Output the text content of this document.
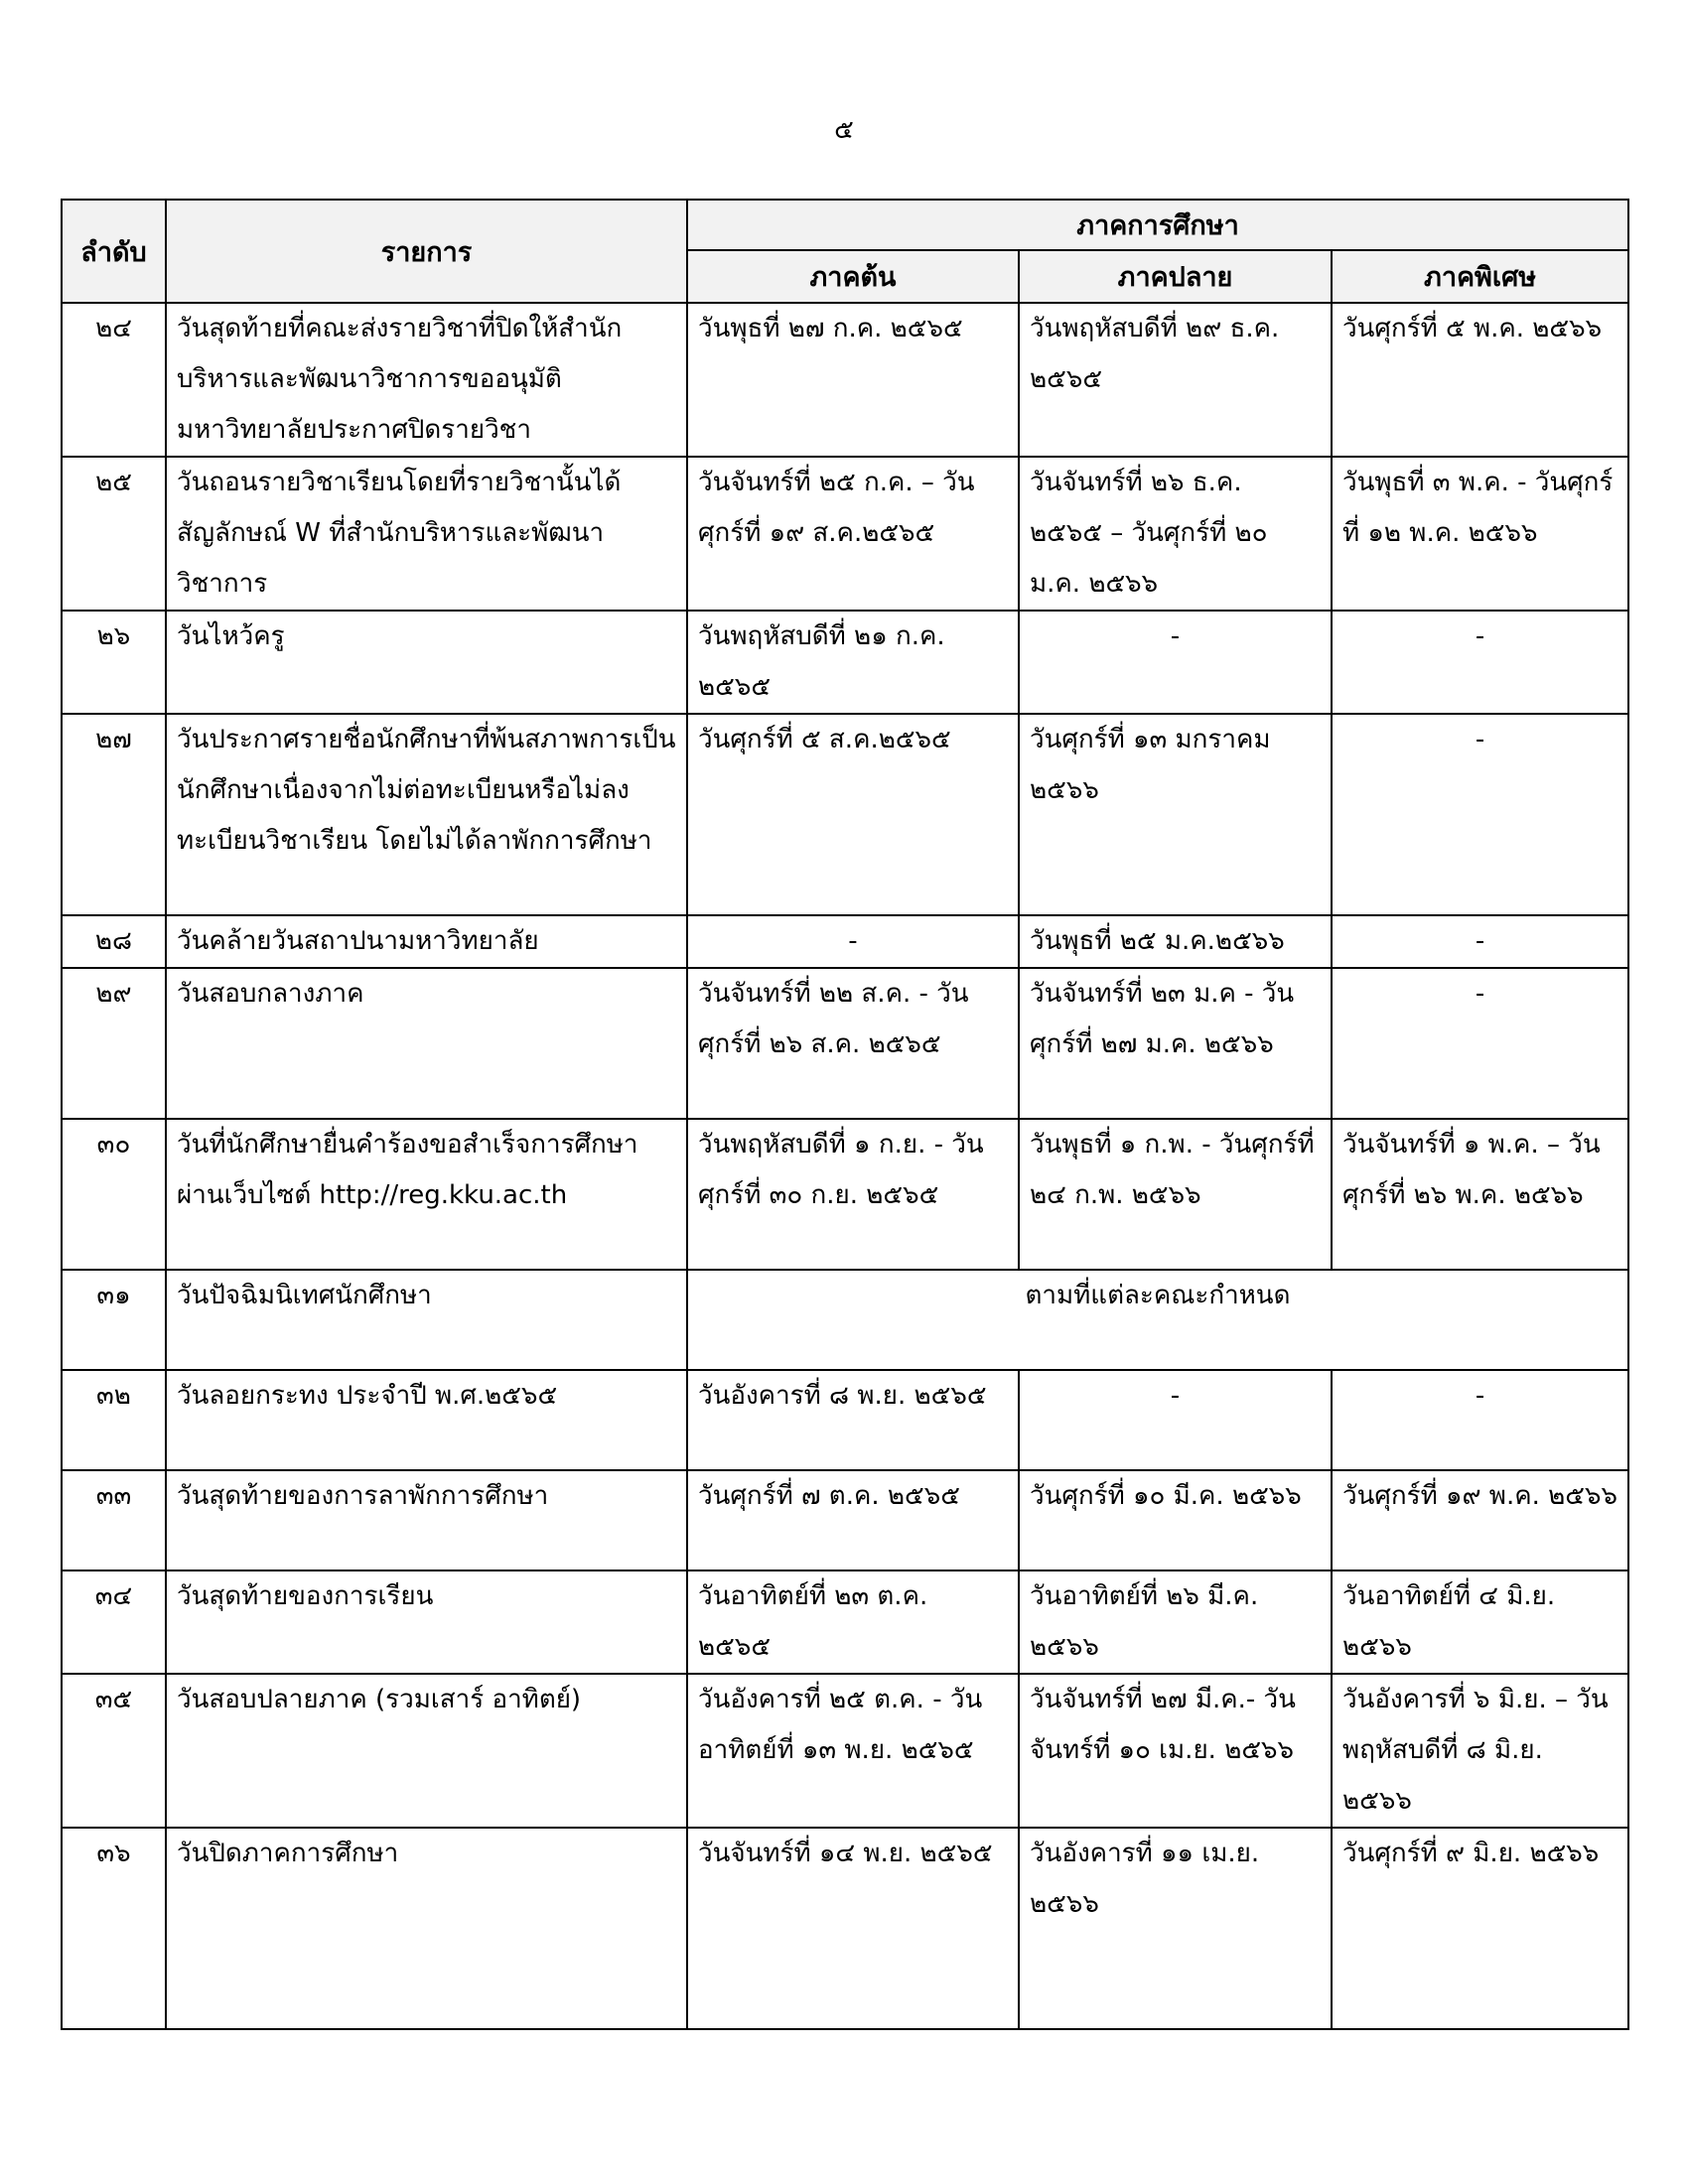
๕
ลำดับ	รายการ	ภาคการศึกษา		
		ภาคต้น	ภาคปลาย	ภาคพิเศษ
๒๔	วันสุดท้ายที่คณะส่งรายวิชาที่ปิดให้สำนักบริหารและพัฒนาวิชาการขออนุมัติมหาวิทยาลัยประกาศปิดรายวิชา	วันพุธที่ ๒๗ ก.ค. ๒๕๖๕	วันพฤหัสบดีที่ ๒๙ ธ.ค. ๒๕๖๕	วันศุกร์ที่ ๕ พ.ค. ๒๕๖๖
๒๕	วันถอนรายวิชาเรียนโดยที่รายวิชานั้นได้สัญลักษณ์ W ที่สำนักบริหารและพัฒนาวิชาการ	วันจันทร์ที่ ๒๕ ก.ค. – วันศุกร์ที่ ๑๙ ส.ค.๒๕๖๕	วันจันทร์ที่ ๒๖ ธ.ค. ๒๕๖๕ – วันศุกร์ที่ ๒๐ ม.ค. ๒๕๖๖	วันพุธที่ ๓ พ.ค. - วันศุกร์ที่ ๑๒ พ.ค. ๒๕๖๖
๒๖	วันไหว้ครู	วันพฤหัสบดีที่ ๒๑ ก.ค. ๒๕๖๕	-	-
๒๗	วันประกาศรายชื่อนักศึกษาที่พ้นสภาพการเป็นนักศึกษาเนื่องจากไม่ต่อทะเบียนหรือไม่ลงทะเบียนวิชาเรียน โดยไม่ได้ลาพักการศึกษา	วันศุกร์ที่ ๕ ส.ค.๒๕๖๕	วันศุกร์ที่ ๑๓ มกราคม ๒๕๖๖	-
๒๘	วันคล้ายวันสถาปนามหาวิทยาลัย	-	วันพุธที่ ๒๕ ม.ค.๒๕๖๖	-
๒๙	วันสอบกลางภาค	วันจันทร์ที่ ๒๒ ส.ค. - วันศุกร์ที่ ๒๖ ส.ค. ๒๕๖๕	วันจันทร์ที่ ๒๓ ม.ค - วันศุกร์ที่ ๒๗ ม.ค. ๒๕๖๖	-
๓๐	วันที่นักศึกษายื่นคำร้องขอสำเร็จการศึกษาผ่านเว็บไซต์ http://reg.kku.ac.th	วันพฤหัสบดีที่ ๑ ก.ย. - วันศุกร์ที่ ๓๐ ก.ย. ๒๕๖๕	วันพุธที่ ๑ ก.พ. - วันศุกร์ที่ ๒๔ ก.พ. ๒๕๖๖	วันจันทร์ที่ ๑ พ.ค. – วันศุกร์ที่ ๒๖ พ.ค. ๒๕๖๖
๓๑	วันปัจฉิมนิเทศนักศึกษา	ตามที่แต่ละคณะกำหนด		
๓๒	วันลอยกระทง ประจำปี พ.ศ.๒๕๖๕	วันอังคารที่ ๘ พ.ย. ๒๕๖๕	-	-
๓๓	วันสุดท้ายของการลาพักการศึกษา	วันศุกร์ที่ ๗ ต.ค. ๒๕๖๕	วันศุกร์ที่ ๑๐ มี.ค. ๒๕๖๖	วันศุกร์ที่ ๑๙ พ.ค. ๒๕๖๖
๓๔	วันสุดท้ายของการเรียน	วันอาทิตย์ที่ ๒๓ ต.ค. ๒๕๖๕	วันอาทิตย์ที่ ๒๖ มี.ค. ๒๕๖๖	วันอาทิตย์ที่ ๔ มิ.ย. ๒๕๖๖
๓๕	วันสอบปลายภาค (รวมเสาร์ อาทิตย์)	วันอังคารที่ ๒๕ ต.ค. - วันอาทิตย์ที่ ๑๓ พ.ย. ๒๕๖๕	วันจันทร์ที่ ๒๗ มี.ค.- วันจันทร์ที่ ๑๐ เม.ย. ๒๕๖๖	วันอังคารที่ ๖ มิ.ย. – วันพฤหัสบดีที่ ๘ มิ.ย. ๒๕๖๖
๓๖	วันปิดภาคการศึกษา	วันจันทร์ที่ ๑๔ พ.ย. ๒๕๖๕	วันอังคารที่ ๑๑ เม.ย. ๒๕๖๖	วันศุกร์ที่ ๙ มิ.ย. ๒๕๖๖
